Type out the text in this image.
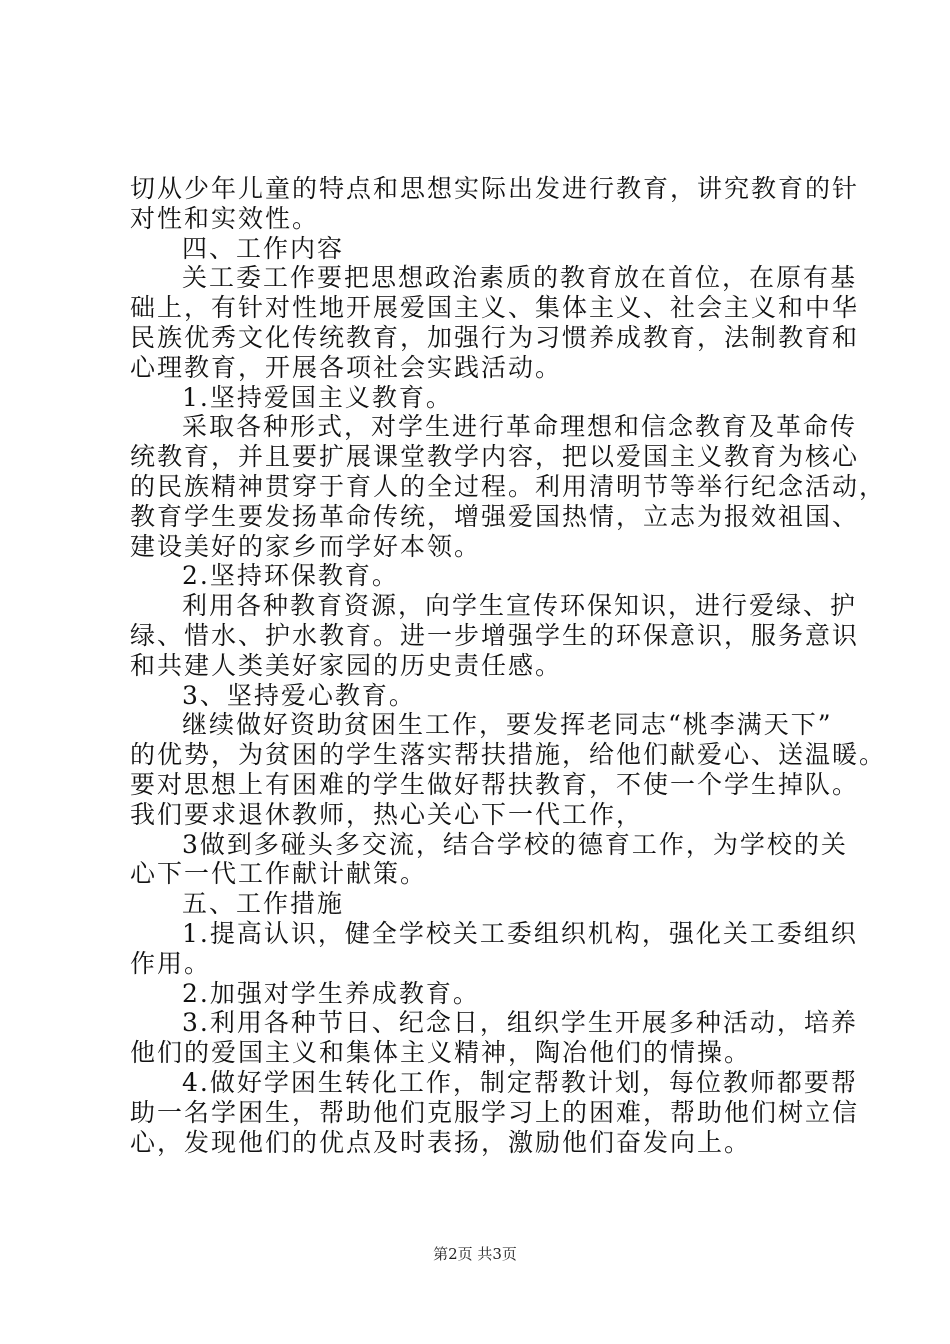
切从少年儿童的特点和思想实际出发进行教育，讲究教育的针
对性和实效性。
四、工作内容
关工委工作要把思想政治素质的教育放在首位，在原有基
础上，有针对性地开展爱国主义、集体主义、社会主义和中华
民族优秀文化传统教育，加强行为习惯养成教育，法制教育和
心理教育，开展各项社会实践活动。
1.坚持爱国主义教育。
采取各种形式，对学生进行革命理想和信念教育及革命传
统教育，并且要扩展课堂教学内容，把以爱国主义教育为核心
的民族精神贯穿于育人的全过程。利用清明节等举行纪念活动，
教育学生要发扬革命传统，增强爱国热情，立志为报效祖国、
建设美好的家乡而学好本领。
2.坚持环保教育。
利用各种教育资源，向学生宣传环保知识，进行爱绿、护
绿、惜水、护水教育。进一步增强学生的环保意识，服务意识
和共建人类美好家园的历史责任感。
3、坚持爱心教育。
继续做好资助贫困生工作，要发挥老同志“桃李满天下”
的优势，为贫困的学生落实帮扶措施，给他们献爱心、送温暖。
要对思想上有困难的学生做好帮扶教育，不使一个学生掉队。
我们要求退休教师，热心关心下一代工作，
3做到多碰头多交流，结合学校的德育工作，为学校的关
心下一代工作献计献策。
五、工作措施
1.提高认识，健全学校关工委组织机构，强化关工委组织
作用。
2.加强对学生养成教育。
3.利用各种节日、纪念日，组织学生开展多种活动，培养
他们的爱国主义和集体主义精神，陶冶他们的情操。
4.做好学困生转化工作，制定帮教计划，每位教师都要帮
助一名学困生，帮助他们克服学习上的困难，帮助他们树立信
心，发现他们的优点及时表扬，激励他们奋发向上。
第2页 共3页
